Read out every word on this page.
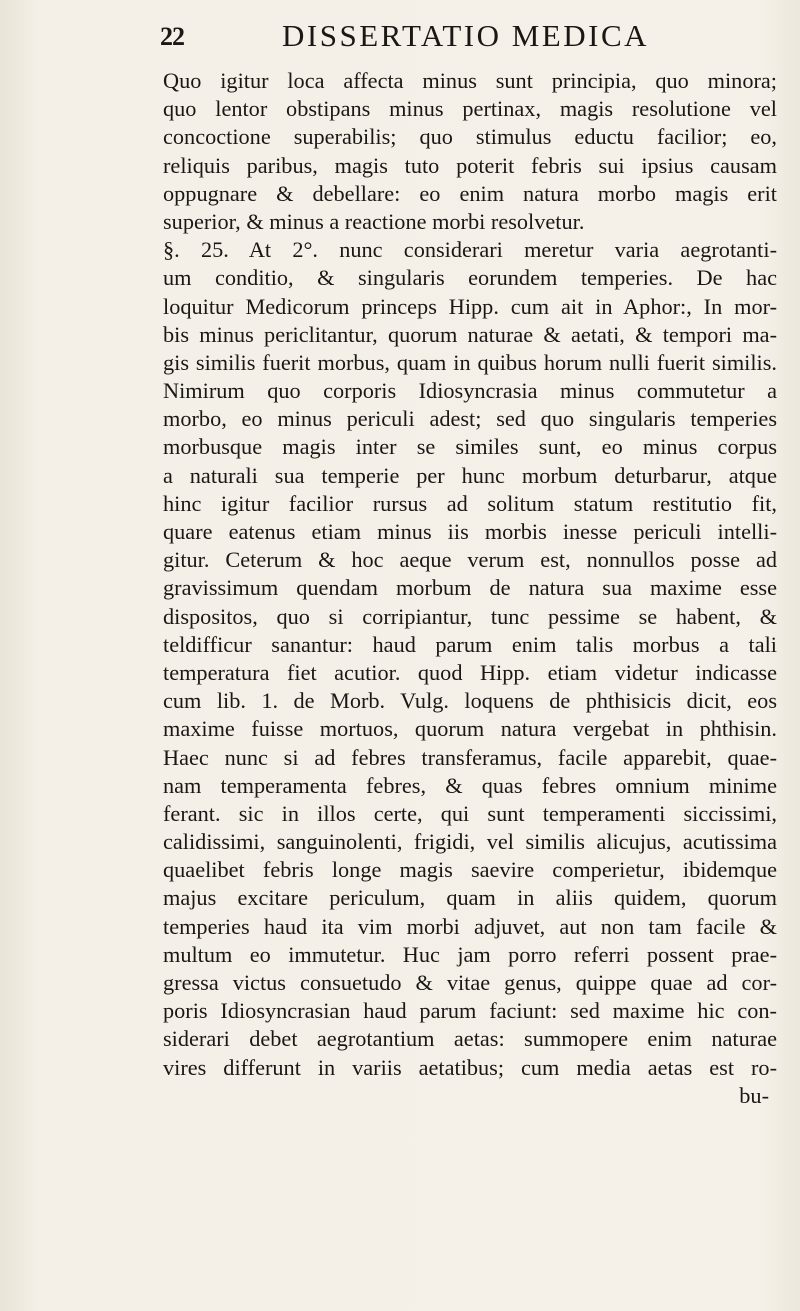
22	DISSERTATIO MEDICA
Quo igitur loca affecta minus sunt principia, quo minora;
quo lentor obstipans minus pertinax, magis resolutione vel
concoctione superabilis; quo stimulus eductu facilior; eo,
reliquis paribus, magis tuto poterit febris sui ipsius causam
oppugnare & debellare: eo enim natura morbo magis erit
superior, & minus a reactione morbi resolvetur.
§. 25. At 2°. nunc considerari meretur varia aegrotanti-
um conditio, & singularis eorundem temperies. De hac
loquitur Medicorum princeps Hipp. cum ait in Aphor:, In mor-
bis minus periclitantur, quorum naturae & aetati, & tempori ma-
gis similis fuerit morbus, quam in quibus horum nulli fuerit similis.
Nimirum quo corporis Idiosyncrasia minus commutetur a
morbo, eo minus periculi adest; sed quo singularis temperies
morbusque magis inter se similes sunt, eo minus corpus
a naturali sua temperie per hunc morbum deturbarur, atque
hinc igitur facilior rursus ad solitum statum restitutio fit,
quare eatenus etiam minus iis morbis inesse periculi intelli-
gitur. Ceterum & hoc aeque verum est, nonnullos posse ad
gravissimum quendam morbum de natura sua maxime esse
dispositos, quo si corripiantur, tunc pessime se habent, &
teldifficur sanantur: haud parum enim talis morbus a tali
temperatura fiet acutior. quod Hipp. etiam videtur indicasse
cum lib. 1. de Morb. Vulg. loquens de phthisicis dicit, eos
maxime fuisse mortuos, quorum natura vergebat in phthisin.
Haec nunc si ad febres transferamus, facile apparebit, quae-
nam temperamenta febres, & quas febres omnium minime
ferant. sic in illos certe, qui sunt temperamenti siccissimi,
calidissimi, sanguinolenti, frigidi, vel similis alicujus, acutissima
quaelibet febris longe magis saevire comperietur, ibidemque
majus excitare periculum, quam in aliis quidem, quorum
temperies haud ita vim morbi adjuvet, aut non tam facile &
multum eo immutetur. Huc jam porro referri possent prae-
gressa victus consuetudo & vitae genus, quippe quae ad cor-
poris Idiosyncrasian haud parum faciunt: sed maxime hic con-
siderari debet aegrotantium aetas: summopere enim naturae
vires differunt in variis aetatibus; cum media aetas est ro-
bu-
